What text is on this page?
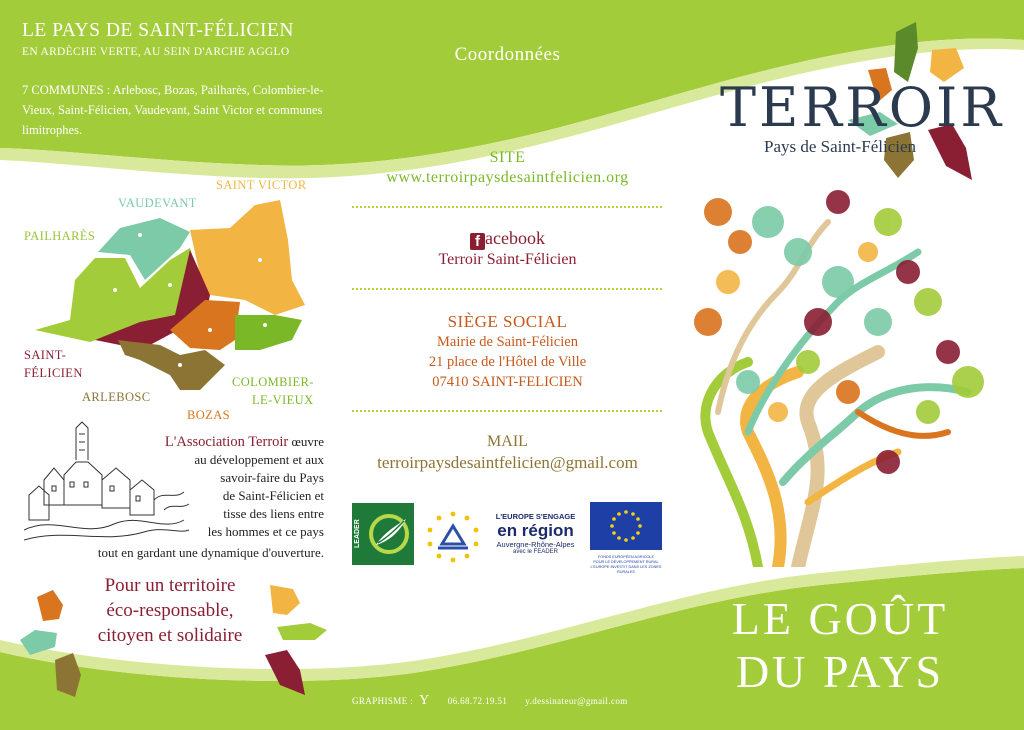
LE PAYS DE SAINT-FÉLICIEN
EN ARDÈCHE VERTE, AU SEIN D'ARCHE AGGLO
7 COMMUNES : Arlebosc, Bozas, Pailharès, Colombier-le-Vieux, Saint-Félicien, Vaudevant, Saint Victor et communes limitrophes.
SAINT VICTOR
VAUDEVANT
PAILHARÈS
SAINT-
FÉLICIEN
ARLEBOSC
BOZAS
COLOMBIER-
LE-VIEUX
L'Association Terroir œuvre
au développement et aux
savoir-faire du Pays
de Saint-Félicien et
tisse des liens entre
les hommes et ce pays
tout en gardant une dynamique d'ouverture.
Pour un territoire
éco-responsable,
citoyen et solidaire
Coordonnées
SITE
www.terroirpaysdesaintfelicien.org
f acebook
Terroir Saint-Félicien
SIÈGE SOCIAL
Mairie de Saint-Félicien
21 place de l'Hôtel de Ville
07410 SAINT-FELICIEN
MAIL
terroirpaysdesaintfelicien@gmail.com
LEADER
L'EUROPE S'ENGAGE
en région
Auvergne-Rhône-Alpes
avec le FEADER
FONDS EUROPÉEN AGRICOLE
POUR LE DÉVELOPPEMENT RURAL
L'EUROPE INVESTIT DANS LES ZONES RURALES
GRAPHISME : Y 06.68.72.19.51 y.dessinateur@gmail.com
TERROIR
Pays de Saint-Félicien
LE GOÛT
DU PAYS
